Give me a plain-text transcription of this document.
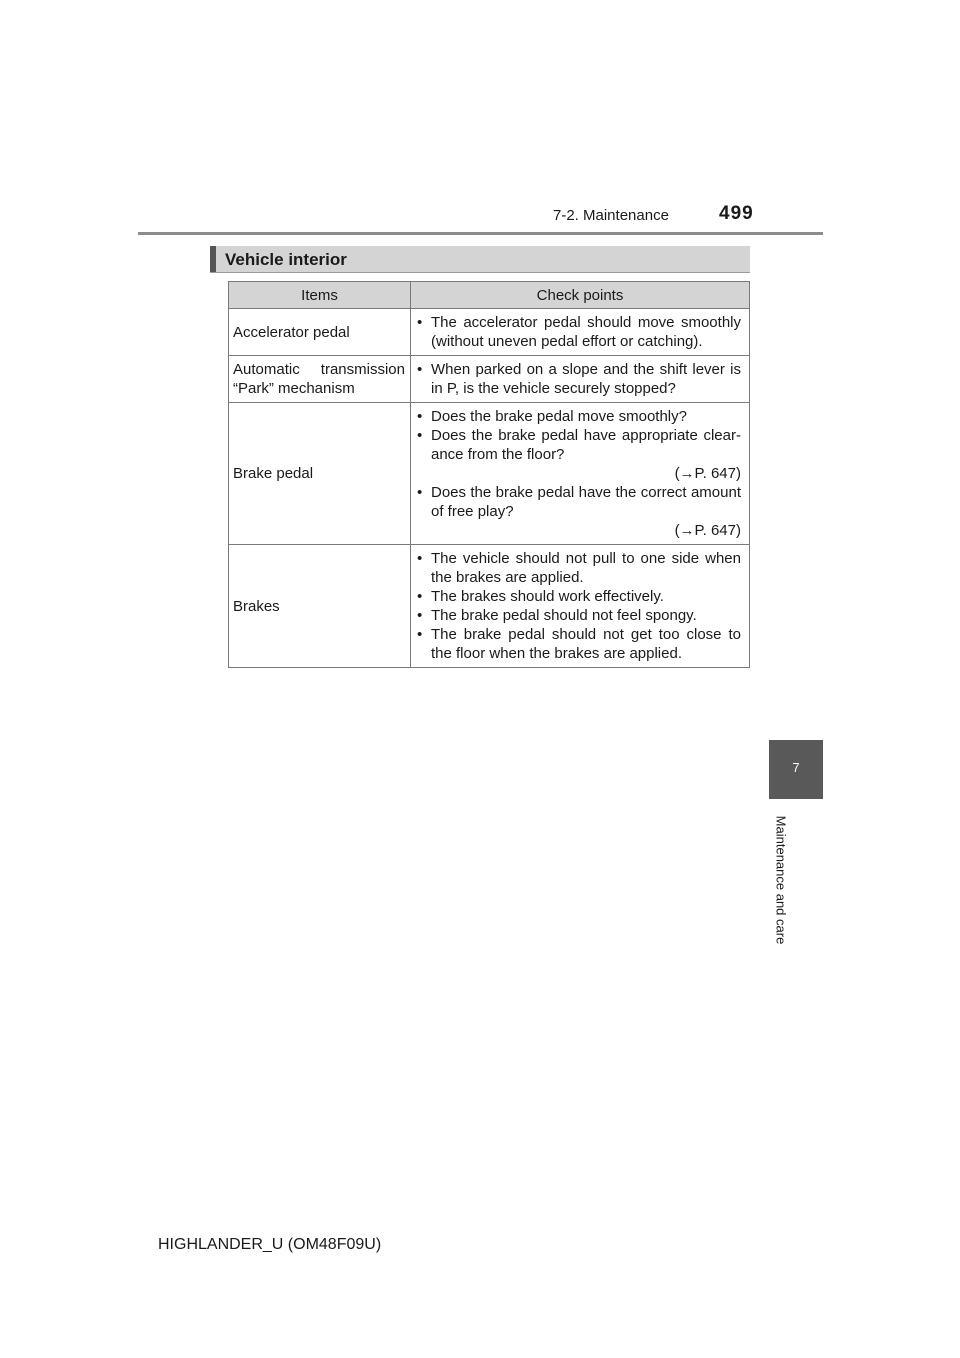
7-2. Maintenance	499
Vehicle interior
Items	Check points
Accelerator pedal	• The accelerator pedal should move smoothly (without uneven pedal effort or catching).

Automatic transmission “Park” mechanism	• When parked on a slope and the shift lever is in P, is the vehicle securely stopped?

Brake pedal	• Does the brake pedal move smoothly?
• Does the brake pedal have appropriate clear-ance from the floor?
(→P. 647)
• Does the brake pedal have the correct amount of free play?
(→P. 647)

Brakes	• The vehicle should not pull to one side when the brakes are applied.
• The brakes should work effectively.
• The brake pedal should not feel spongy.
• The brake pedal should not get too close to the floor when the brakes are applied.
7
Maintenance and care
HIGHLANDER_U (OM48F09U)
